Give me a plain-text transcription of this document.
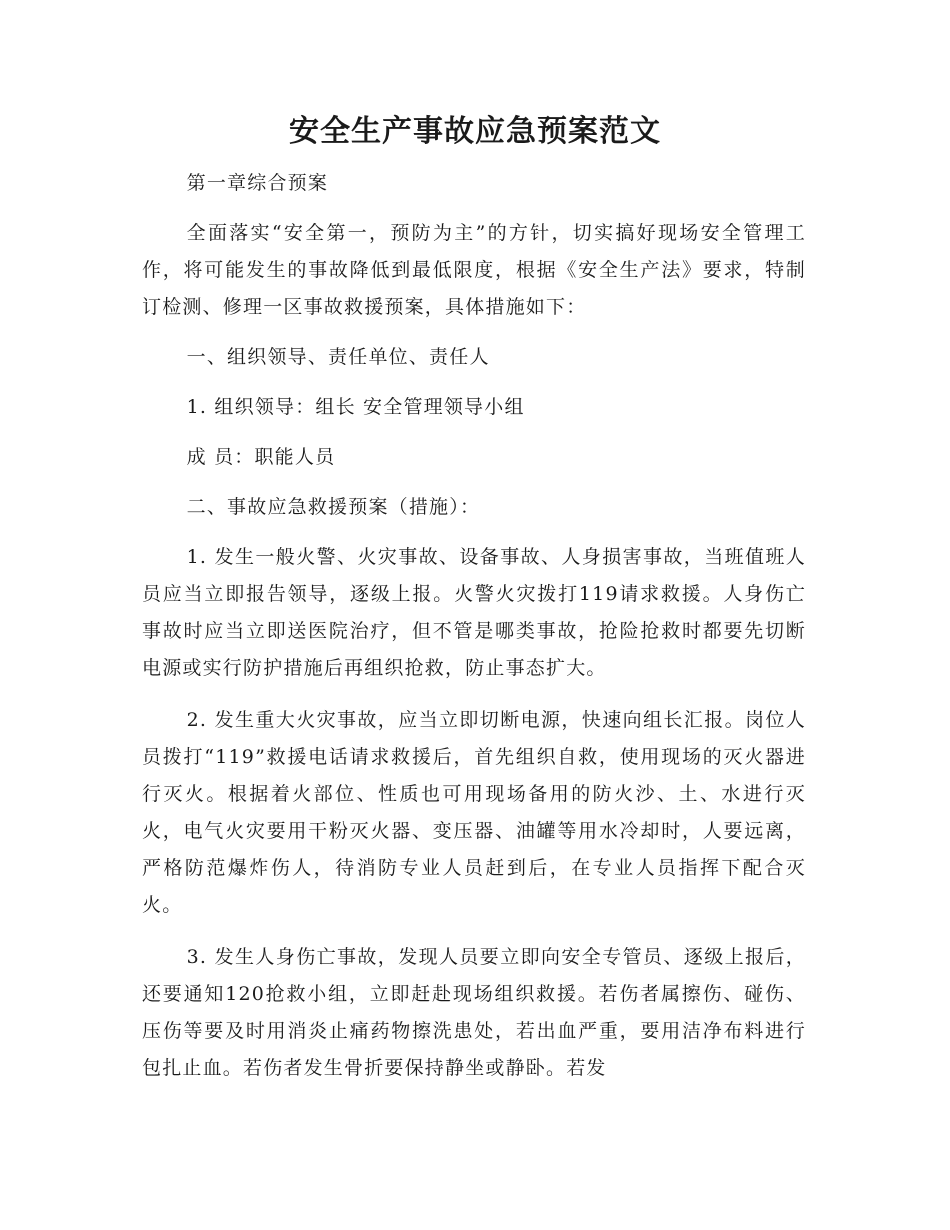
安全生产事故应急预案范文

第一章综合预案

全面落实“安全第一，预防为主”的方针，切实搞好现场安全管理工作，将可能发生的事故降低到最低限度，根据《安全生产法》要求，特制订检测、修理一区事故救援预案，具体措施如下：

一、组织领导、责任单位、责任人

1. 组织领导：组长 安全管理领导小组

成 员：职能人员

二、事故应急救援预案（措施）：

1. 发生一般火警、火灾事故、设备事故、人身损害事故，当班值班人员应当立即报告领导，逐级上报。火警火灾拨打119请求救援。人身伤亡事故时应当立即送医院治疗，但不管是哪类事故，抢险抢救时都要先切断电源或实行防护措施后再组织抢救，防止事态扩大。

2. 发生重大火灾事故，应当立即切断电源，快速向组长汇报。岗位人员拨打“119”救援电话请求救援后，首先组织自救，使用现场的灭火器进行灭火。根据着火部位、性质也可用现场备用的防火沙、土、水进行灭火，电气火灾要用干粉灭火器、变压器、油罐等用水冷却时，人要远离，严格防范爆炸伤人，待消防专业人员赶到后，在专业人员指挥下配合灭火。

3. 发生人身伤亡事故，发现人员要立即向安全专管员、逐级上报后，还要通知120抢救小组，立即赶赴现场组织救援。若伤者属擦伤、碰伤、压伤等要及时用消炎止痛药物擦洗患处，若出血严重，要用洁净布料进行包扎止血。若伤者发生骨折要保持静坐或静卧。若发
